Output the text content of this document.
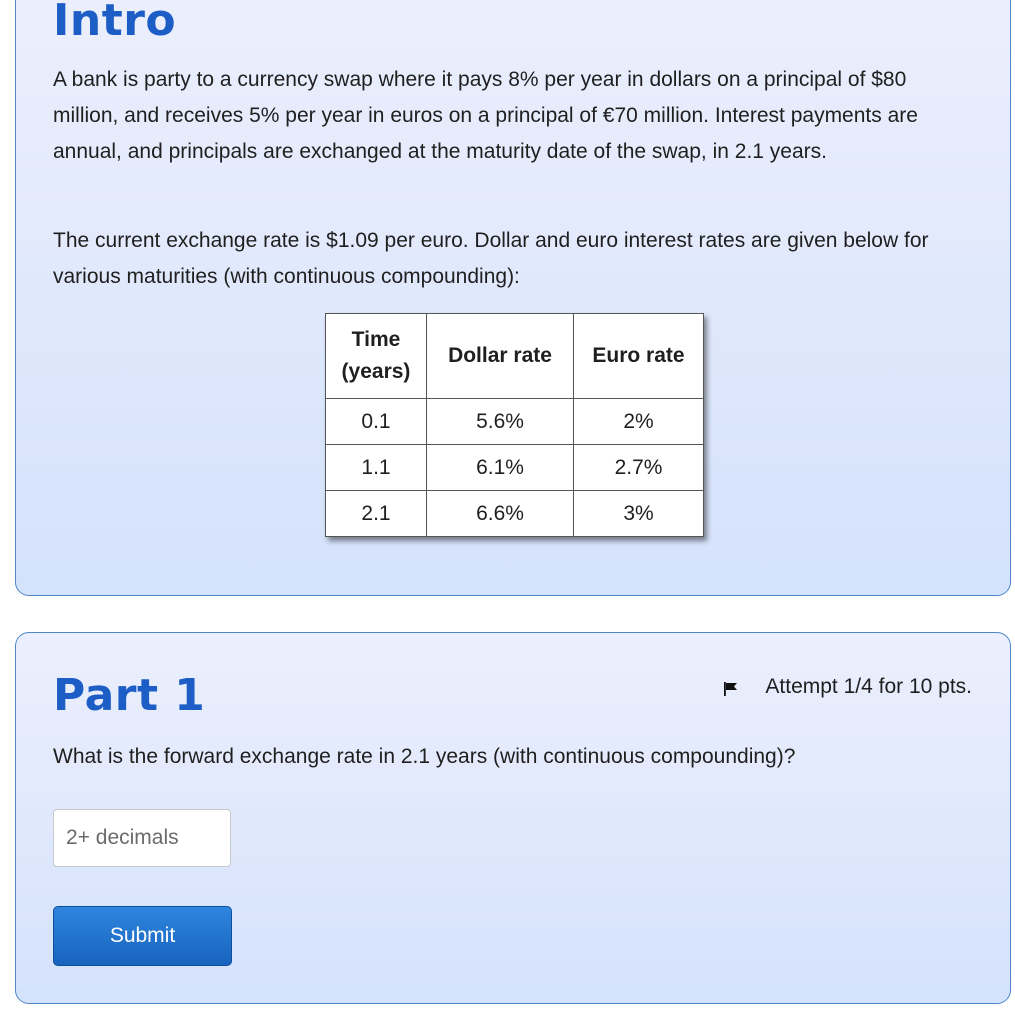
Intro

A bank is party to a currency swap where it pays 8% per year in dollars on a principal of $80 million, and receives 5% per year in euros on a principal of €70 million. Interest payments are annual, and principals are exchanged at the maturity date of the swap, in 2.1 years.

The current exchange rate is $1.09 per euro. Dollar and euro interest rates are given below for various maturities (with continuous compounding):

Time
(years)	Dollar rate	Euro rate
0.1	5.6%	2%
1.1	6.1%	2.7%
2.1	6.6%	3%
Part 1	Attempt 1/4 for 10 pts.

What is the forward exchange rate in 2.1 years (with continuous compounding)?

2+ decimals
Submit
